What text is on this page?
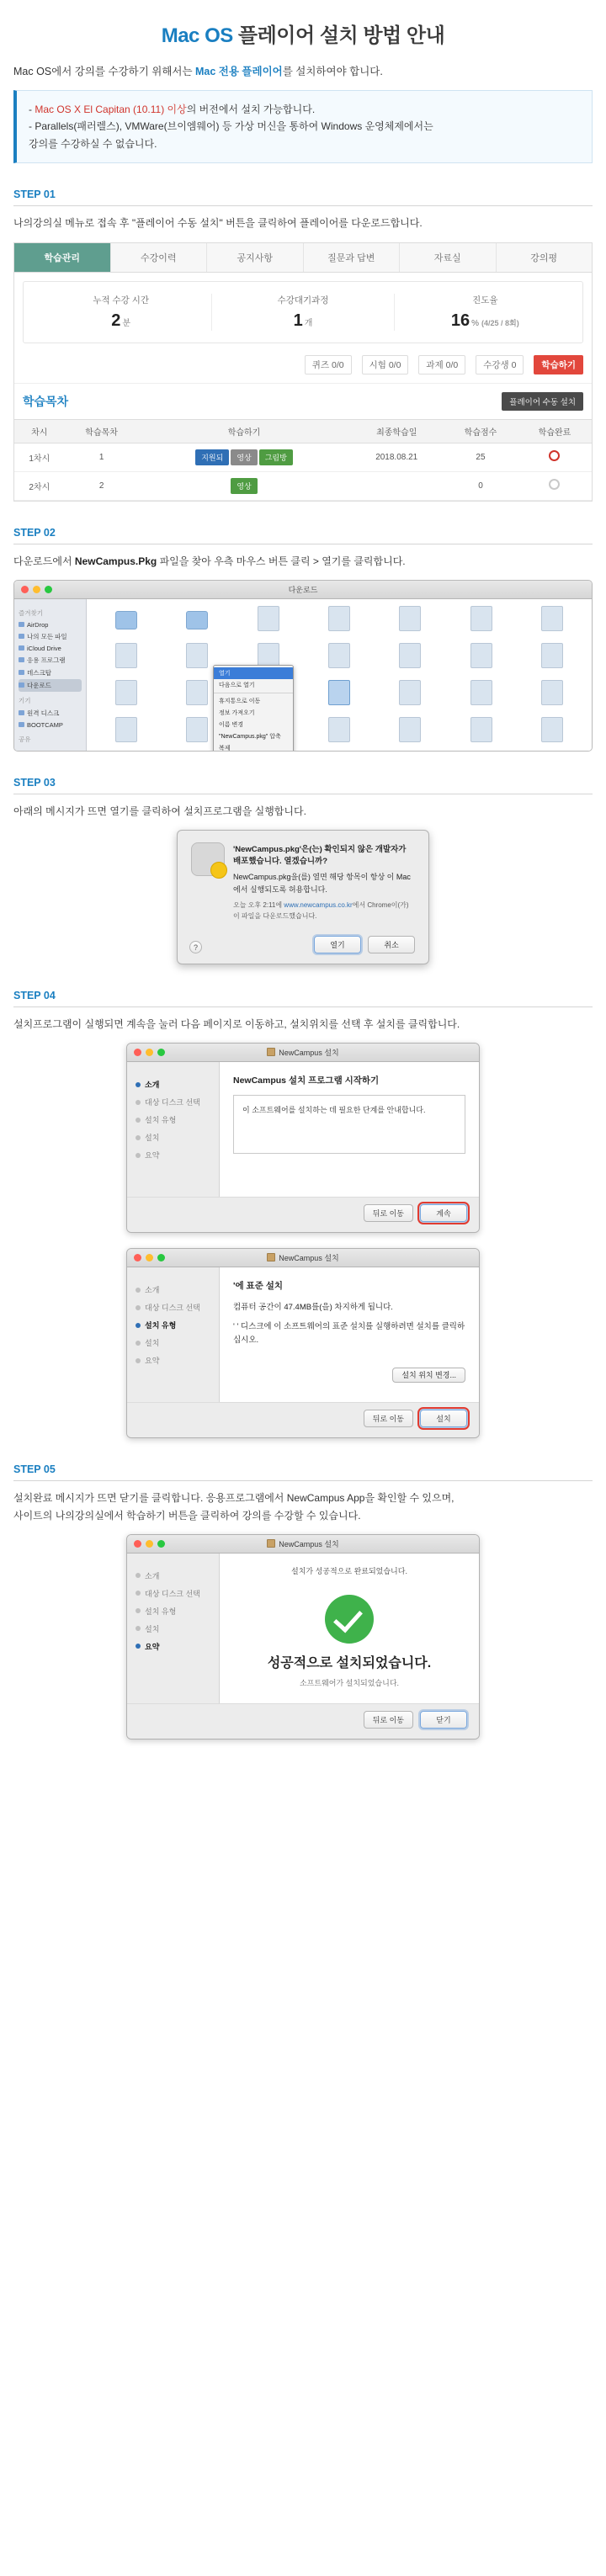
Mac OS 플레이어 설치 방법 안내
Mac OS에서 강의를 수강하기 위해서는 Mac 전용 플레이어를 설치하여야 합니다.
- Mac OS X El Capitan (10.11) 이상의 버전에서 설치 가능합니다.
- Parallels(패러렐스), VMWare(브이엠웨어) 등 가상 머신을 통하여 Windows 운영체제에서는
강의를 수강하실 수 없습니다.
STEP 01
나의강의실 메뉴로 접속 후 "플레이어 수동 설치" 버튼을 클릭하여 플레이어를 다운로드합니다.
학습관리	수강이력	공지사항	질문과 답변	자료실	강의평
누적 수강 시간
2 분
수강대기과정
1 개
진도율
16 % (4/25 / 8회)
퀴즈 0/0	시험 0/0	과제 0/0	수강생 0	학습하기
학습목차	플레이어 수동 설치
차시	학습목차	학습하기	최종학습일	학습점수	학습완료
1차시	1	지원되 영상 그림방	2018.08.21	25	
2차시	2	영상		0	
STEP 02
다운로드에서 NewCampus.Pkg 파일을 찾아 우측 마우스 버튼 클릭 > 열기를 클릭합니다.
다운로드
즐겨찾기
AirDrop
나의 모든 파일
iCloud Drive
응용 프로그램
데스크탑
다운로드
기기
원격 디스크
BOOTCAMP
공유
열기
다음으로 열기
휴지통으로 이동
정보 가져오기
이름 변경
"NewCampus.pkg" 압축
복제
STEP 03
아래의 메시지가 뜨면 열기를 클릭하여 설치프로그램을 실행합니다.
'NewCampus.pkg'은(는) 확인되지 않은 개발자가 배포했습니다. 열겠습니까?

NewCampus.pkg을(를) 열면 해당 항목이 항상 이 Mac에서 실행되도록 허용합니다.

오늘 오후 2:11에 www.newcampus.co.kr에서 Chrome이(가) 이 파일을 다운로드했습니다.

열기	취소
?
STEP 04
설치프로그램이 실행되면 계속을 눌러 다음 페이지로 이동하고, 설치위치를 선택 후 설치를 클릭합니다.
NewCampus 설치
소개
대상 디스크 선택
설치 유형
설치
요약
NewCampus 설치 프로그램 시작하기
이 소프트웨어를 설치하는 데 필요한 단계를 안내합니다.
뒤로 이동	계속
NewCampus 설치
소개
대상 디스크 선택
설치 유형
설치
요약
'에 표준 설치
컴퓨터 공간이 47.4MB를(을) 차지하게 됩니다.
' ' 디스크에 이 소프트웨어의 표준 설치를 실행하려면 설치를 클릭하십시오.
설치 위치 변경...
뒤로 이동	설치
STEP 05
설치완료 메시지가 뜨면 닫기를 클릭합니다. 응용프로그램에서 NewCampus App을 확인할 수 있으며,
사이트의 나의강의실에서 학습하기 버튼을 클릭하여 강의를 수강할 수 있습니다.
NewCampus 설치
소개
대상 디스크 선택
설치 유형
설치
요약
설치가 성공적으로 완료되었습니다.
성공적으로 설치되었습니다.
소프트웨어가 설치되었습니다.
뒤로 이동	닫기
